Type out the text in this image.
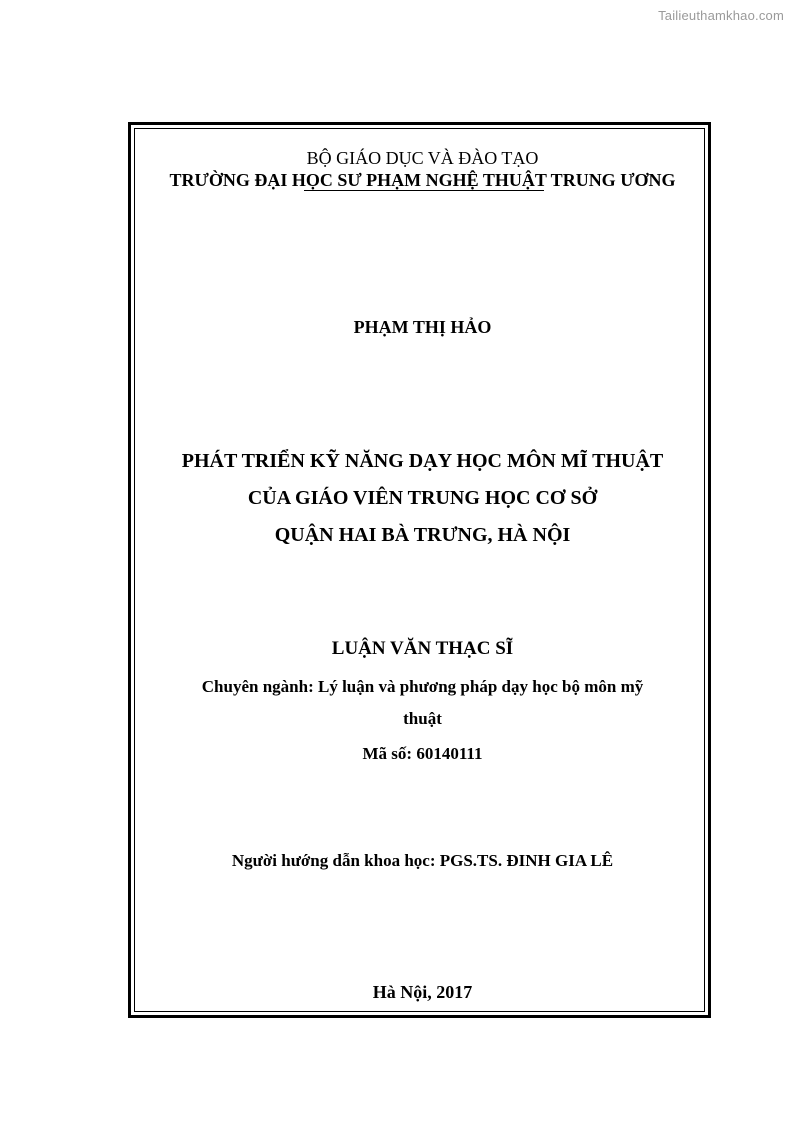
Tailieuthamkhao.com
BỘ GIÁO DỤC VÀ ĐÀO TẠO
TRƯỜNG ĐẠI HỌC SƯ PHẠM NGHỆ THUẬT TRUNG ƯƠNG
PHẠM THỊ HẢO
PHÁT TRIỂN KỸ NĂNG DẠY HỌC MÔN MĨ THUẬT
CỦA GIÁO VIÊN TRUNG HỌC CƠ SỞ
QUẬN HAI BÀ TRƯNG, HÀ NỘI
LUẬN VĂN THẠC SĨ
Chuyên ngành: Lý luận và phương pháp dạy học bộ môn mỹ
thuật
Mã số: 60140111
Người hướng dẫn khoa học: PGS.TS. ĐINH GIA LÊ
Hà Nội, 2017
